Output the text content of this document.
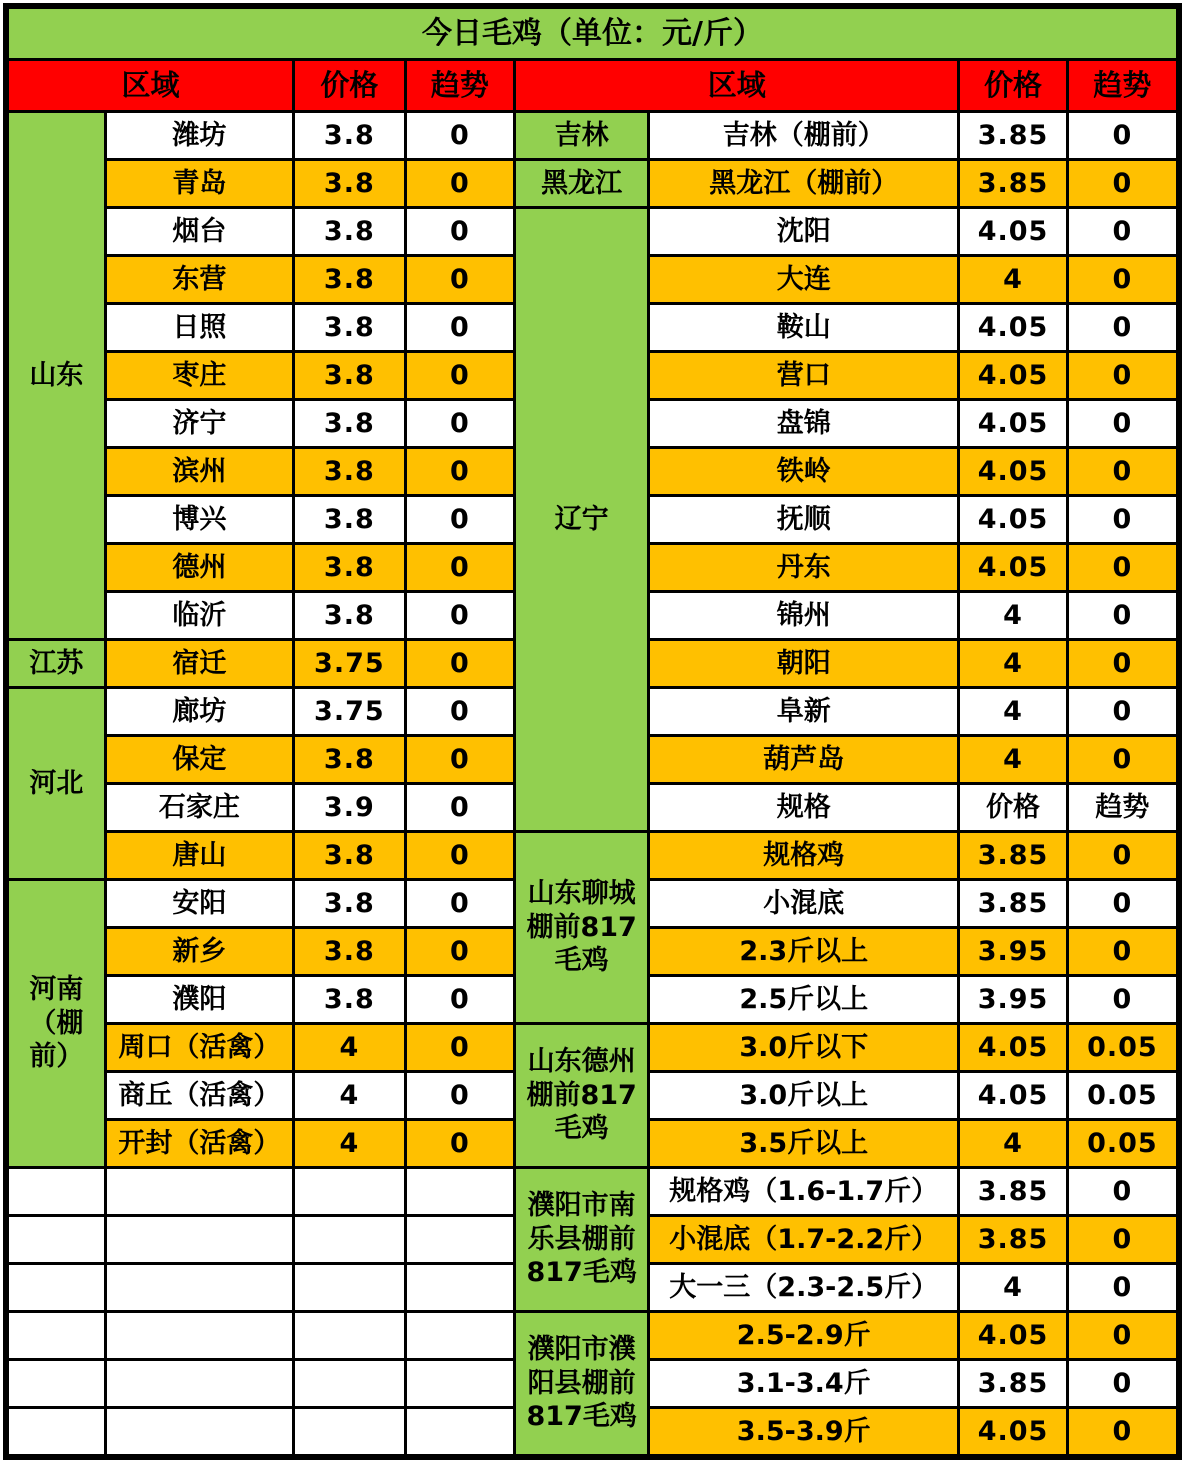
今日毛鸡（单位：元/斤）							
区域		价格	趋势	区域		价格	趋势
山东	潍坊	3.8	0	吉林	吉林（棚前）	3.85	0
	青岛	3.8	0	黑龙江	黑龙江（棚前）	3.85	0
	烟台	3.8	0	辽宁	沈阳	4.05	0
	东营	3.8	0		大连	4	0
	日照	3.8	0		鞍山	4.05	0
	枣庄	3.8	0		营口	4.05	0
	济宁	3.8	0		盘锦	4.05	0
	滨州	3.8	0		铁岭	4.05	0
	博兴	3.8	0		抚顺	4.05	0
	德州	3.8	0		丹东	4.05	0
	临沂	3.8	0		锦州	4	0
江苏	宿迁	3.75	0		朝阳	4	0
河北	廊坊	3.75	0		阜新	4	0
	保定	3.8	0		葫芦岛	4	0
	石家庄	3.9	0		规格	价格	趋势
	唐山	3.8	0	山东聊城棚前817毛鸡	规格鸡	3.85	0
河南（棚前）	安阳	3.8	0		小混底	3.85	0
	新乡	3.8	0		2.3斤以上	3.95	0
	濮阳	3.8	0		2.5斤以上	3.95	0
	周口（活禽）	4	0	山东德州棚前817毛鸡	3.0斤以下	4.05	0.05
	商丘（活禽）	4	0		3.0斤以上	4.05	0.05
	开封（活禽）	4	0		3.5斤以上	4	0.05
				濮阳市南乐县棚前817毛鸡	规格鸡（1.6-1.7斤）	3.85	0
					小混底（1.7-2.2斤）	3.85	0
					大一三（2.3-2.5斤）	4	0
				濮阳市濮阳县棚前817毛鸡	2.5-2.9斤	4.05	0
					3.1-3.4斤	3.85	0
					3.5-3.9斤	4.05	0
